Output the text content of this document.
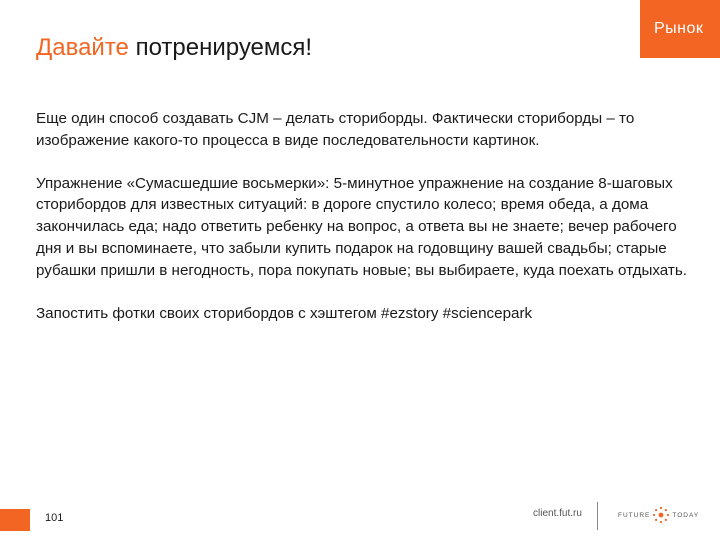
Рынок
Давайте потренируемся!

Еще один способ создавать CJM – делать сториборды. Фактически сториборды – то изображение какого-то процесса в виде последовательности картинок.

Упражнение «Сумасшедшие восьмерки»: 5-минутное упражнение на создание 8-шаговых сторибордов для известных ситуаций: в дороге спустило колесо; время обеда, а дома закончилась еда; надо ответить ребенку на вопрос, а ответа вы не знаете; вечер рабочего дня и вы вспоминаете, что забыли купить подарок на годовщину вашей свадьбы; старые рубашки пришли в негодность, пора покупать новые; вы выбираете, куда поехать отдыхать.

Запостить фотки своих сторибордов с хэштегом #ezstory #sciencepark

101	client.fut.ru	FUTURE	TODAY
